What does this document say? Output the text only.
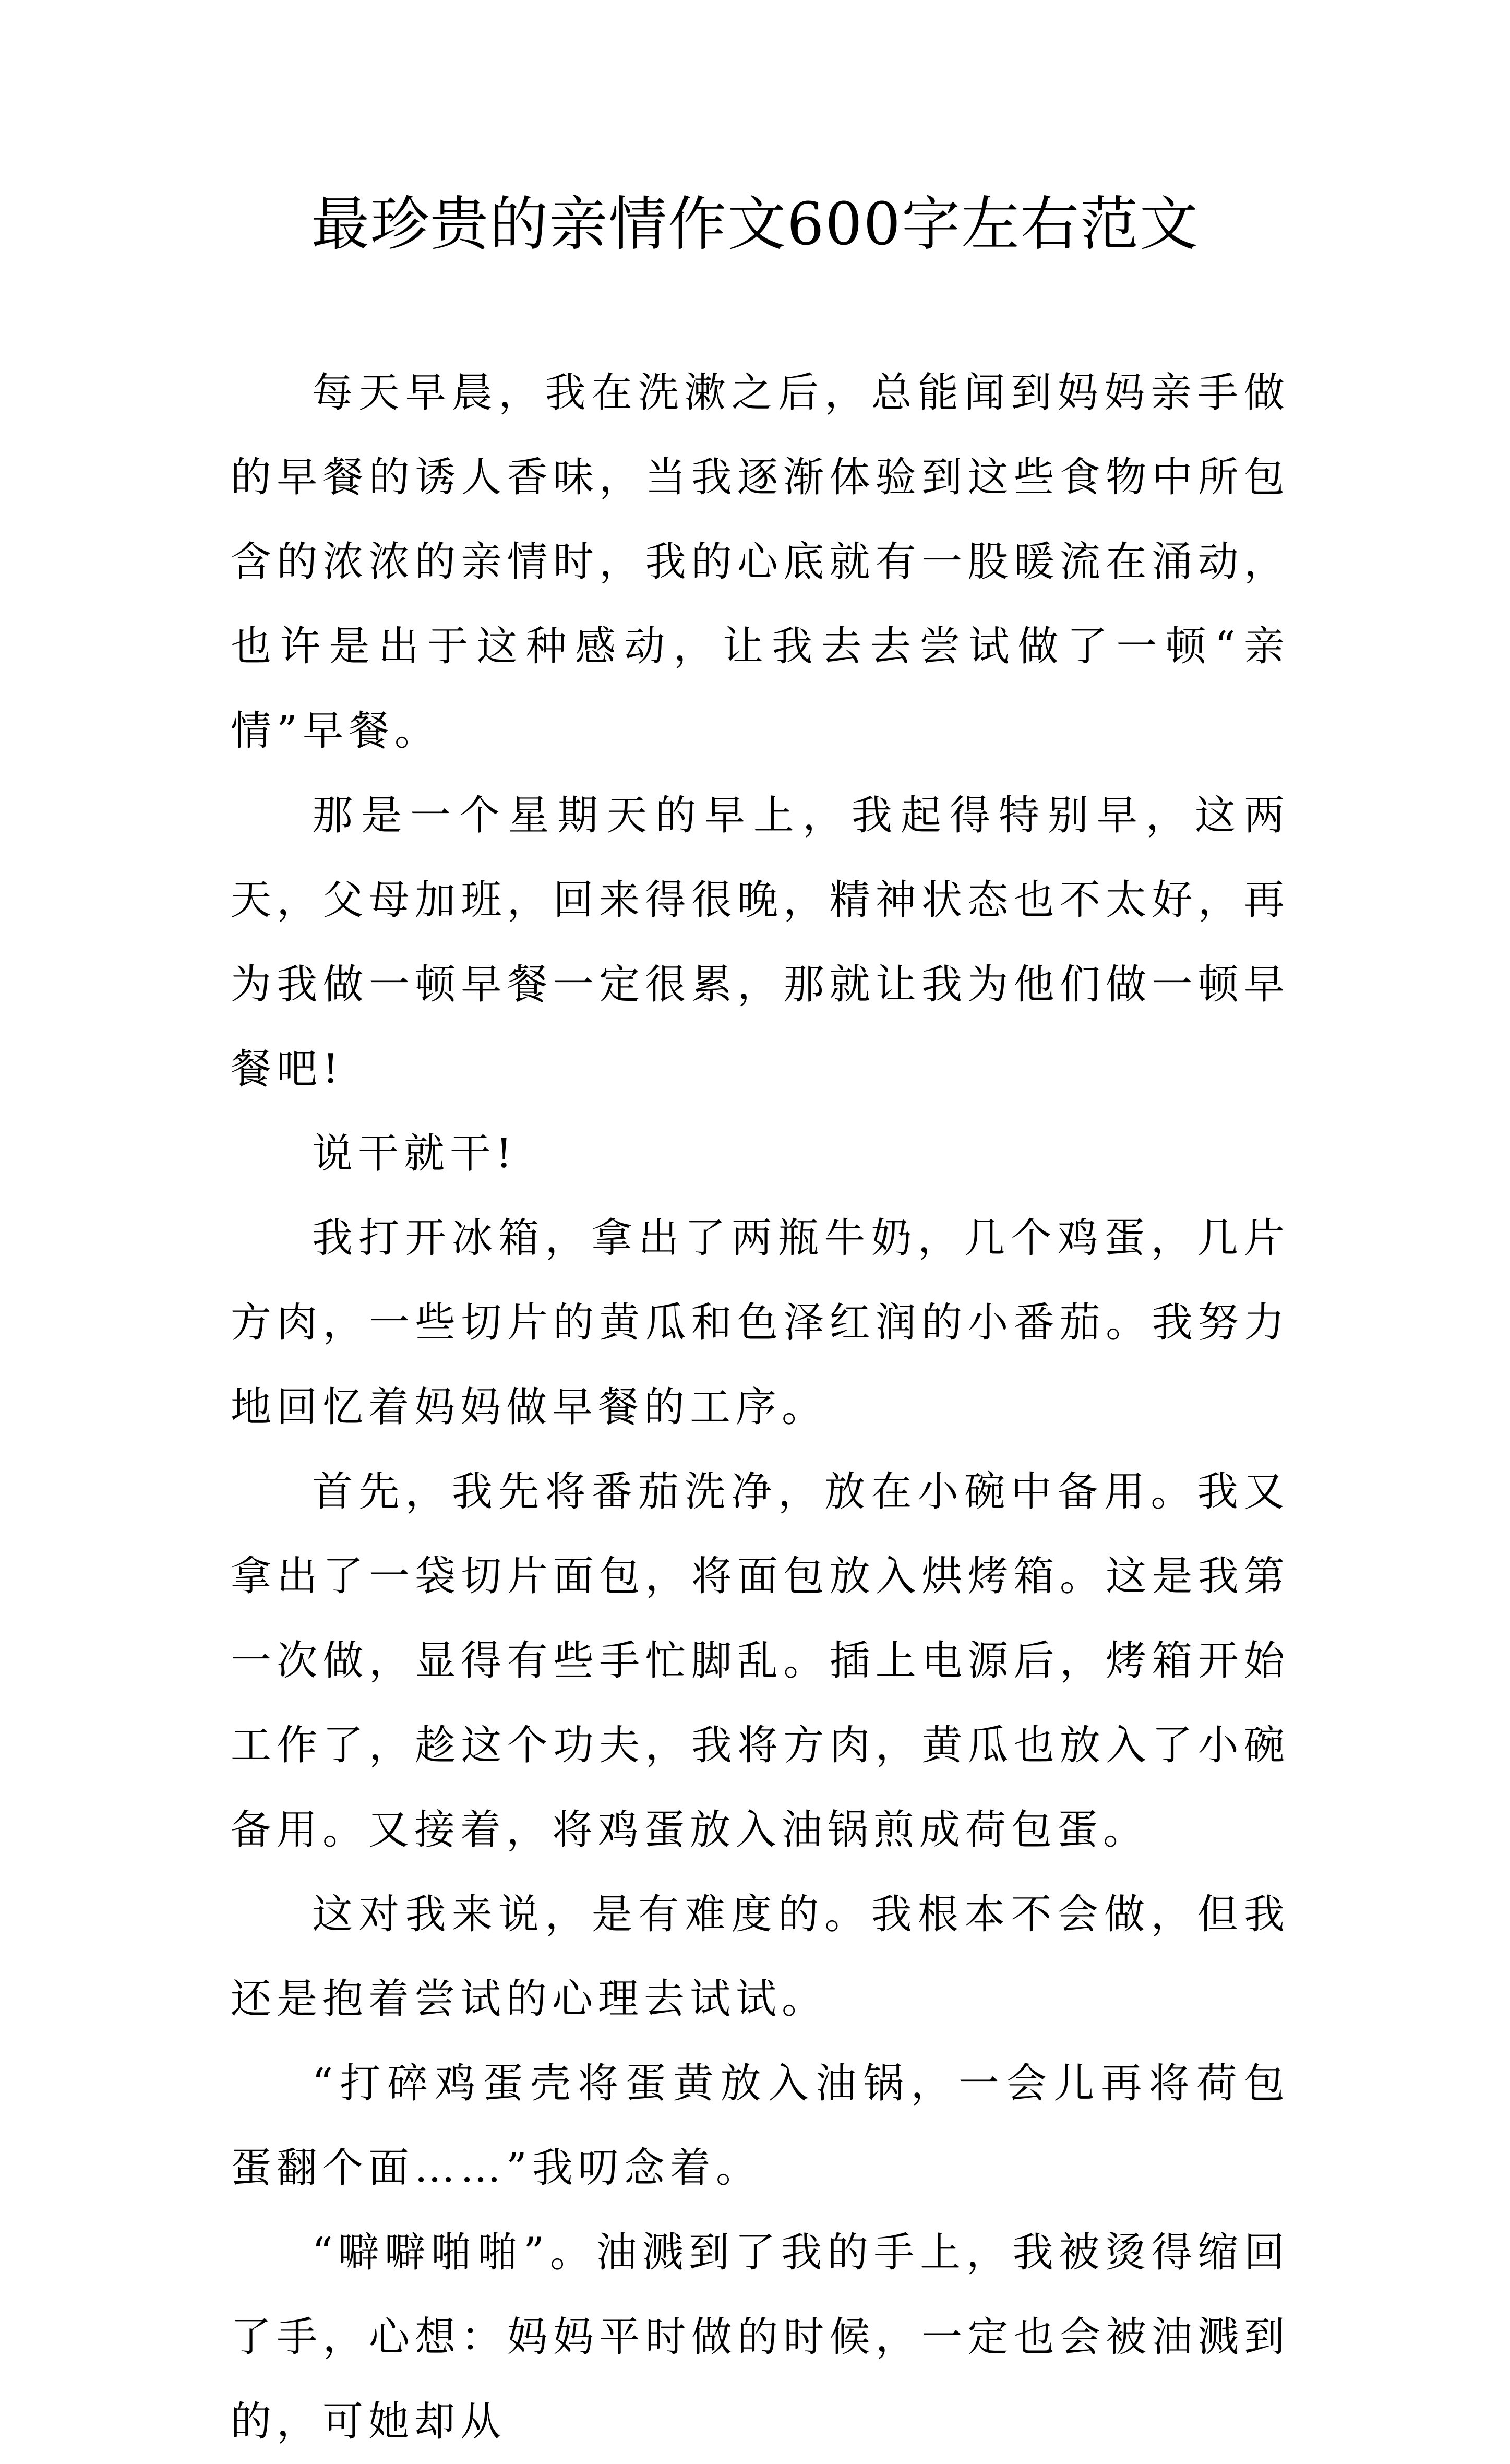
最珍贵的亲情作文600字左右范文

每天早晨，我在洗漱之后，总能闻到妈妈亲手做的早餐的诱人香味，当我逐渐体验到这些食物中所包含的浓浓的亲情时，我的心底就有一股暖流在涌动，也许是出于这种感动，让我去去尝试做了一顿“亲情”早餐。

那是一个星期天的早上，我起得特别早，这两天，父母加班，回来得很晚，精神状态也不太好，再为我做一顿早餐一定很累，那就让我为他们做一顿早餐吧!

说干就干!

我打开冰箱，拿出了两瓶牛奶，几个鸡蛋，几片方肉，一些切片的黄瓜和色泽红润的小番茄。我努力地回忆着妈妈做早餐的工序。

首先，我先将番茄洗净，放在小碗中备用。我又拿出了一袋切片面包，将面包放入烘烤箱。这是我第一次做，显得有些手忙脚乱。插上电源后，烤箱开始工作了，趁这个功夫，我将方肉，黄瓜也放入了小碗备用。又接着，将鸡蛋放入油锅煎成荷包蛋。

这对我来说，是有难度的。我根本不会做，但我还是抱着尝试的心理去试试。

“打碎鸡蛋壳将蛋黄放入油锅，一会儿再将荷包蛋翻个面……”我叨念着。

“噼噼啪啪”。油溅到了我的手上，我被烫得缩回了手，心想：妈妈平时做的时候，一定也会被油溅到的，可她却从
